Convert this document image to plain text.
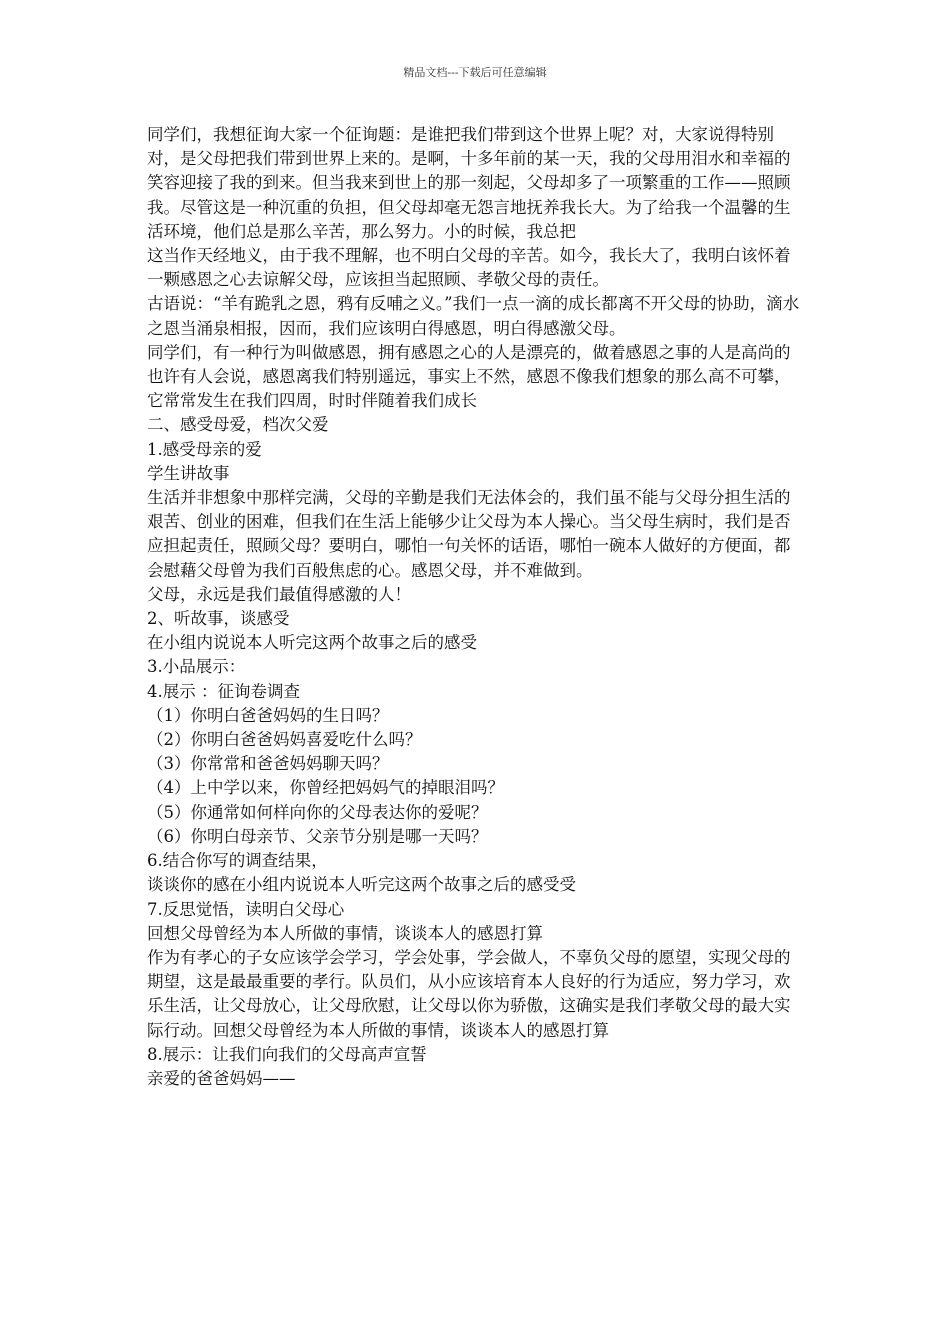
精品文档---下载后可任意编辑

同学们，我想征询大家一个征询题：是谁把我们带到这个世界上呢？对，大家说得特别对，是父母把我们带到世界上来的。是啊，十多年前的某一天，我的父母用泪水和幸福的笑容迎接了我的到来。但当我来到世上的那一刻起，父母却多了一项繁重的工作——照顾我。尽管这是一种沉重的负担，但父母却毫无怨言地抚养我长大。为了给我一个温馨的生活环境，他们总是那么辛苦，那么努力。小的时候，我总把

这当作天经地义，由于我不理解，也不明白父母的辛苦。如今，我长大了，我明白该怀着一颗感恩之心去谅解父母，应该担当起照顾、孝敬父母的责任。

古语说：“羊有跪乳之恩，鸦有反哺之义。”我们一点一滴的成长都离不开父母的协助，滴水之恩当涌泉相报，因而，我们应该明白得感恩，明白得感激父母。

同学们，有一种行为叫做感恩，拥有感恩之心的人是漂亮的，做着感恩之事的人是高尚的也许有人会说，感恩离我们特别遥远，事实上不然，感恩不像我们想象的那么高不可攀，它常常发生在我们四周，时时伴随着我们成长

二、感受母爱，档次父爱

1.感受母亲的爱

学生讲故事

生活并非想象中那样完满，父母的辛勤是我们无法体会的，我们虽不能与父母分担生活的艰苦、创业的困难，但我们在生活上能够少让父母为本人操心。当父母生病时，我们是否应担起责任，照顾父母？要明白，哪怕一句关怀的话语，哪怕一碗本人做好的方便面，都会慰藉父母曾为我们百般焦虑的心。感恩父母，并不难做到。

父母，永远是我们最值得感激的人！

2、听故事，谈感受

在小组内说说本人听完这两个故事之后的感受

3.小品展示：

4.展示 ：征询卷调查

（1）你明白爸爸妈妈的生日吗？

（2）你明白爸爸妈妈喜爱吃什么吗？

（3）你常常和爸爸妈妈聊天吗？

（4）上中学以来，你曾经把妈妈气的掉眼泪吗？

（5）你通常如何样向你的父母表达你的爱呢？

（6）你明白母亲节、父亲节分别是哪一天吗？

6.结合你写的调查结果，

谈谈你的感在小组内说说本人听完这两个故事之后的感受受

7.反思觉悟，读明白父母心

回想父母曾经为本人所做的事情，谈谈本人的感恩打算

作为有孝心的子女应该学会学习，学会处事，学会做人，不辜负父母的愿望，实现父母的期望，这是最最重要的孝行。队员们，从小应该培育本人良好的行为适应，努力学习，欢乐生活，让父母放心，让父母欣慰，让父母以你为骄傲，这确实是我们孝敬父母的最大实际行动。回想父母曾经为本人所做的事情，谈谈本人的感恩打算

8.展示：让我们向我们的父母高声宣誓

亲爱的爸爸妈妈——
